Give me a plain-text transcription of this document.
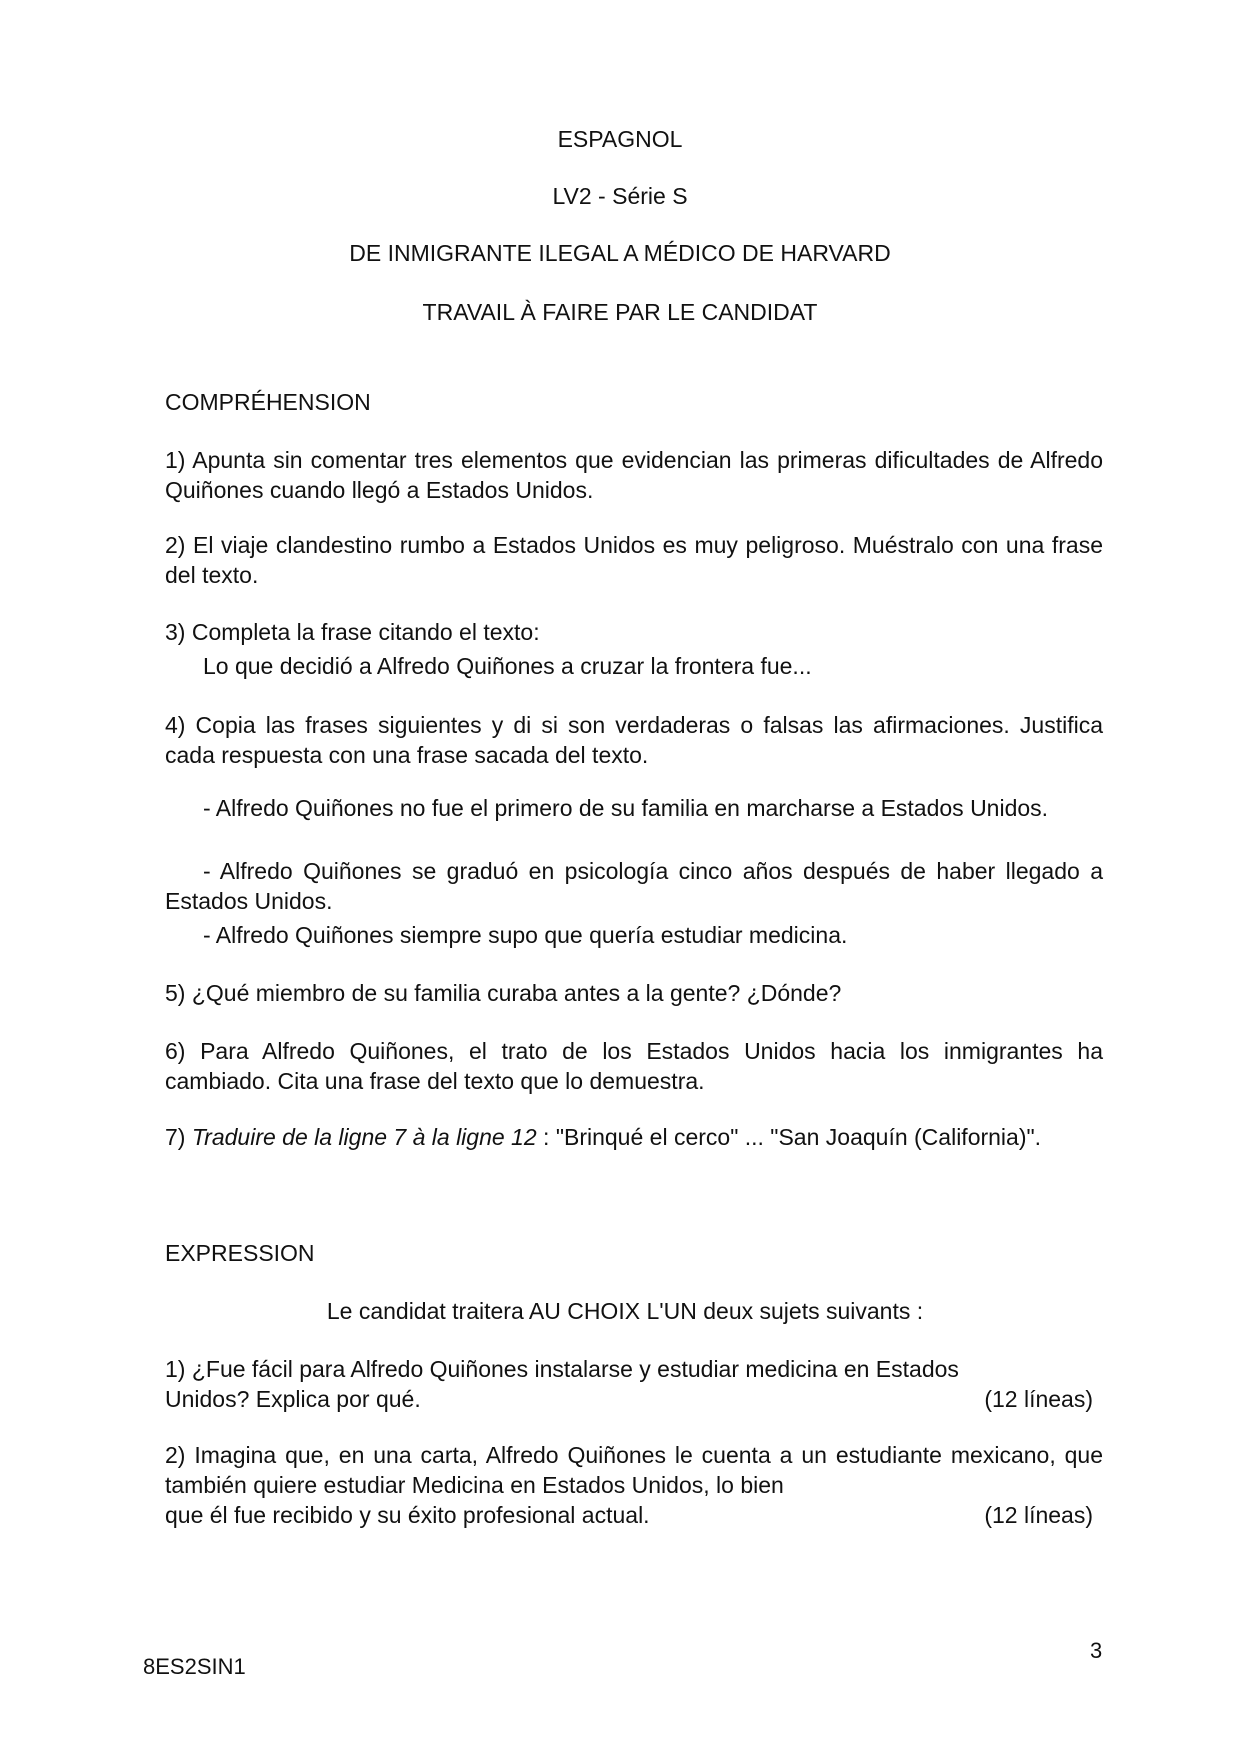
ESPAGNOL
LV2 - Série S
DE INMIGRANTE ILEGAL A MÉDICO DE HARVARD
TRAVAIL À FAIRE PAR LE CANDIDAT
COMPRÉHENSION
1) Apunta sin comentar tres elementos que evidencian las primeras dificultades de Alfredo Quiñones cuando llegó a Estados Unidos.
2) El viaje clandestino rumbo a Estados Unidos es muy peligroso. Muéstralo con una frase del texto.
3) Completa la frase citando el texto:
Lo que decidió a Alfredo Quiñones a cruzar la frontera fue...
4) Copia las frases siguientes y di si son verdaderas o falsas las afirmaciones. Justifica cada respuesta con una frase sacada del texto.
- Alfredo Quiñones no fue el primero de su familia en marcharse a Estados Unidos.
- Alfredo Quiñones se graduó en psicología cinco años después de haber llegado a Estados Unidos.
- Alfredo Quiñones siempre supo que quería estudiar medicina.
5) ¿Qué miembro de su familia curaba antes a la gente? ¿Dónde?
6) Para Alfredo Quiñones, el trato de los Estados Unidos hacia los inmigrantes ha cambiado. Cita una frase del texto que lo demuestra.
7) Traduire de la ligne 7 à la ligne 12 : "Brinqué el cerco" ... "San Joaquín (California)".
EXPRESSION
Le candidat traitera AU CHOIX L'UN deux sujets suivants :
1) ¿Fue fácil para Alfredo Quiñones instalarse y estudiar medicina en Estados
Unidos? Explica por qué.	(12 líneas)
2) Imagina que, en una carta, Alfredo Quiñones le cuenta a un estudiante mexicano, que también quiere estudiar Medicina en Estados Unidos, lo bien
que él fue recibido y su éxito profesional actual.	(12 líneas)
3
8ES2SIN1
